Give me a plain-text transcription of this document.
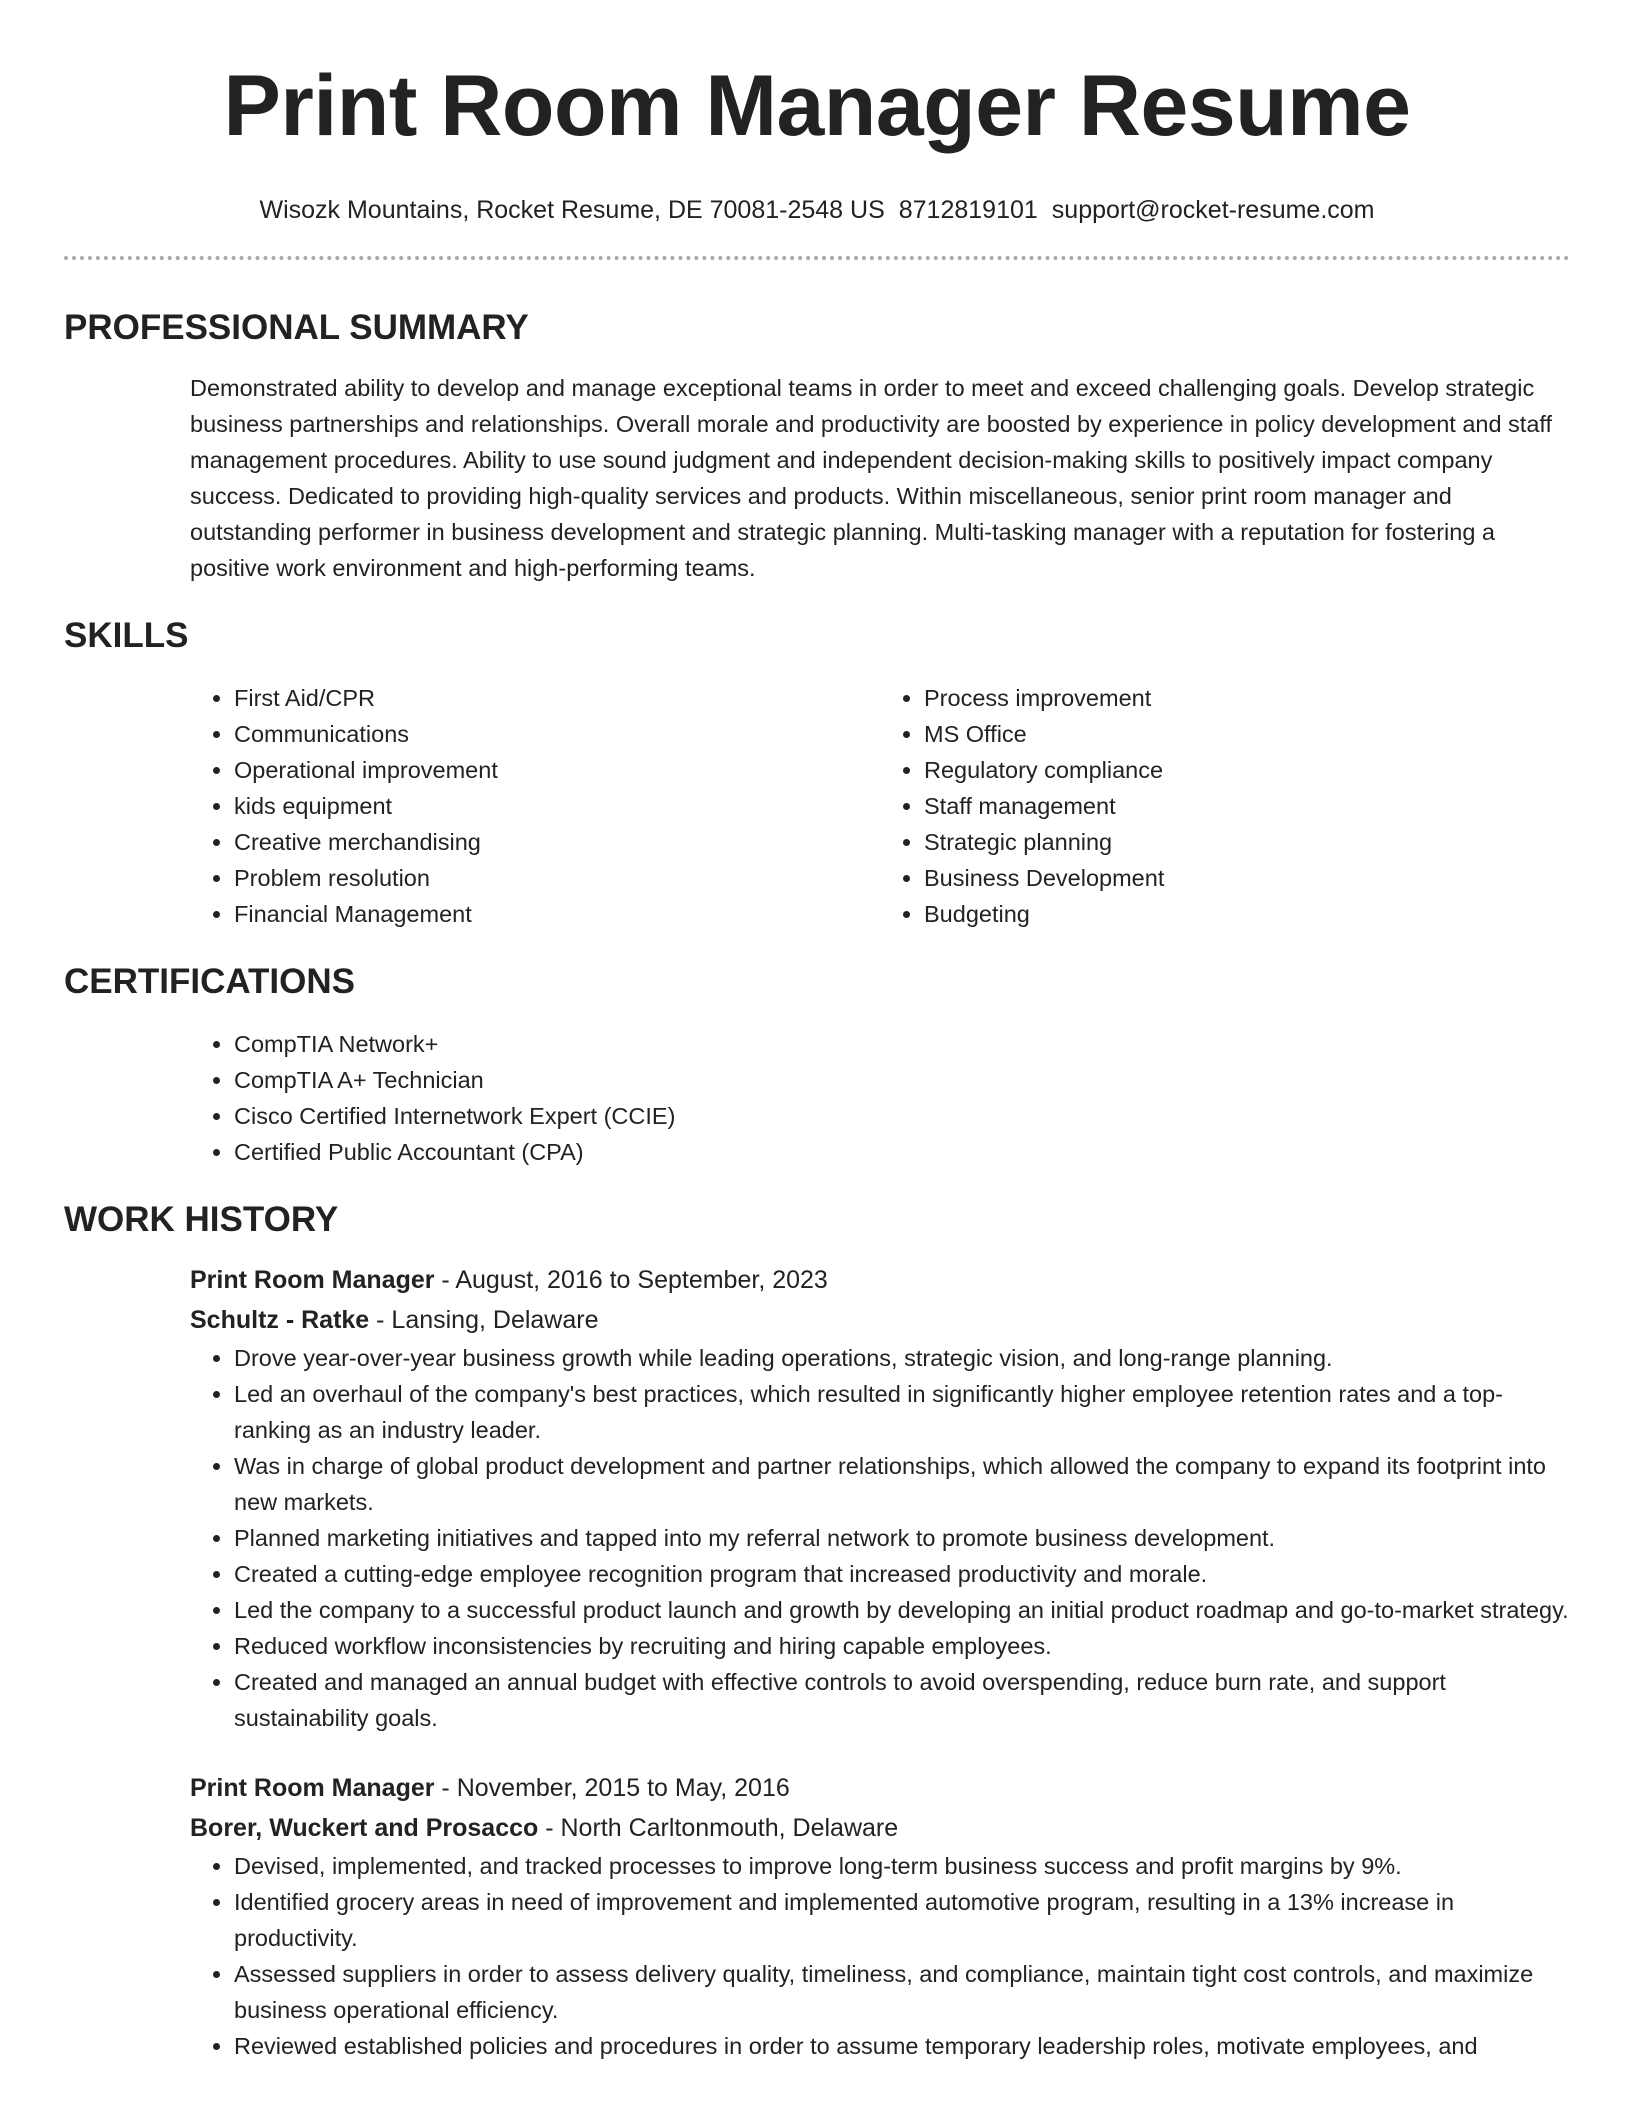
Print Room Manager Resume
Wisozk Mountains, Rocket Resume, DE 70081-2548 US 8712819101 support@rocket-resume.com
PROFESSIONAL SUMMARY

Demonstrated ability to develop and manage exceptional teams in order to meet and exceed challenging goals. Develop strategic business partnerships and relationships. Overall morale and productivity are boosted by experience in policy development and staff management procedures. Ability to use sound judgment and independent decision-making skills to positively impact company success. Dedicated to providing high-quality services and products. Within miscellaneous, senior print room manager and outstanding performer in business development and strategic planning. Multi-tasking manager with a reputation for fostering a positive work environment and high-performing teams.

SKILLS
• First Aid/CPR
• Communications
• Operational improvement
• kids equipment
• Creative merchandising
• Problem resolution
• Financial Management
• Process improvement
• MS Office
• Regulatory compliance
• Staff management
• Strategic planning
• Business Development
• Budgeting
CERTIFICATIONS
• CompTIA Network+
• CompTIA A+ Technician
• Cisco Certified Internetwork Expert (CCIE)
• Certified Public Accountant (CPA)
WORK HISTORY
Print Room Manager - August, 2016 to September, 2023
Schultz - Ratke - Lansing, Delaware
• Drove year-over-year business growth while leading operations, strategic vision, and long-range planning.
• Led an overhaul of the company's best practices, which resulted in significantly higher employee retention rates and a top-ranking as an industry leader.
• Was in charge of global product development and partner relationships, which allowed the company to expand its footprint into new markets.
• Planned marketing initiatives and tapped into my referral network to promote business development.
• Created a cutting-edge employee recognition program that increased productivity and morale.
• Led the company to a successful product launch and growth by developing an initial product roadmap and go-to-market strategy.
• Reduced workflow inconsistencies by recruiting and hiring capable employees.
• Created and managed an annual budget with effective controls to avoid overspending, reduce burn rate, and support sustainability goals.
Print Room Manager - November, 2015 to May, 2016
Borer, Wuckert and Prosacco - North Carltonmouth, Delaware
• Devised, implemented, and tracked processes to improve long-term business success and profit margins by 9%.
• Identified grocery areas in need of improvement and implemented automotive program, resulting in a 13% increase in productivity.
• Assessed suppliers in order to assess delivery quality, timeliness, and compliance, maintain tight cost controls, and maximize business operational efficiency.
• Reviewed established policies and procedures in order to assume temporary leadership roles, motivate employees, and
